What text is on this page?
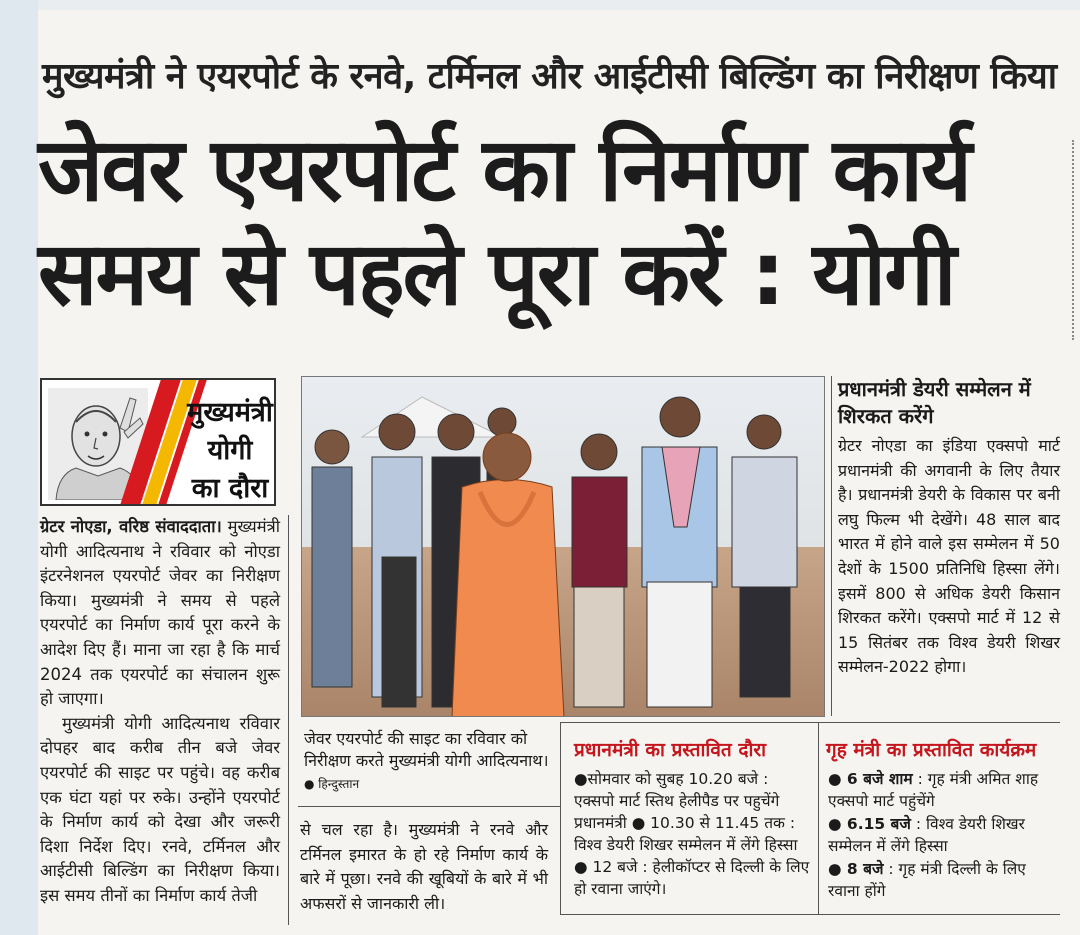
मुख्यमंत्री ने एयरपोर्ट के रनवे, टर्मिनल और आईटीसी बिल्डिंग का निरीक्षण किया
जेवर एयरपोर्ट का निर्माण कार्य
समय से पहले पूरा करें : योगी
मुख्यमंत्री
योगी
का दौरा

ग्रेटर नोएडा, वरिष्ठ संवाददाता। मुख्यमंत्री योगी आदित्यनाथ ने रविवार को नोएडा इंटरनेशनल एयरपोर्ट जेवर का निरीक्षण किया। मुख्यमंत्री ने समय से पहले एयरपोर्ट का निर्माण कार्य पूरा करने के आदेश दिए हैं। माना जा रहा है कि मार्च 2024 तक एयरपोर्ट का संचालन शुरू हो जाएगा।

मुख्यमंत्री योगी आदित्यनाथ रविवार दोपहर बाद करीब तीन बजे जेवर एयरपोर्ट की साइट पर पहुंचे। वह करीब एक घंटा यहां पर रुके। उन्होंने एयरपोर्ट के निर्माण कार्य को देखा और जरूरी दिशा निर्देश दिए। रनवे, टर्मिनल और आईटीसी बिल्डिंग का निरीक्षण किया। इस समय तीनों का निर्माण कार्य तेजी

जेवर एयरपोर्ट की साइट का रविवार को निरीक्षण करते मुख्यमंत्री योगी आदित्यनाथ। ● हिन्दुस्तान

से चल रहा है। मुख्यमंत्री ने रनवे और टर्मिनल इमारत के हो रहे निर्माण कार्य के बारे में पूछा। रनवे की खूबियों के बारे में भी अफसरों से जानकारी ली।

प्रधानमंत्री डेयरी सम्मेलन में शिरकत करेंगे
ग्रेटर नोएडा का इंडिया एक्सपो मार्ट प्रधानमंत्री की अगवानी के लिए तैयार है। प्रधानमंत्री डेयरी के विकास पर बनी लघु फिल्म भी देखेंगे। 48 साल बाद भारत में होने वाले इस सम्मेलन में 50 देशों के 1500 प्रतिनिधि हिस्सा लेंगे। इसमें 800 से अधिक डेयरी किसान शिरकत करेंगे। एक्सपो मार्ट में 12 से 15 सितंबर तक विश्व डेयरी शिखर सम्मेलन-2022 होगा।
प्रधानमंत्री का प्रस्तावित दौरा
●सोमवार को सुबह 10.20 बजे : एक्सपो मार्ट स्तिथ हेलीपैड पर पहुचेंगे प्रधानमंत्री ● 10.30 से 11.45 तक : विश्व डेयरी शिखर सम्मेलन में लेंगे हिस्सा ● 12 बजे : हेलीकॉप्टर से दिल्ली के लिए हो रवाना जाएंगे।
गृह मंत्री का प्रस्तावित कार्यक्रम

● 6 बजे शाम : गृह मंत्री अमित शाह एक्सपो मार्ट पहुंचेंगे

● 6.15 बजे : विश्व डेयरी शिखर सम्मेलन में लेंगे हिस्सा

● 8 बजे : गृह मंत्री दिल्ली के लिए रवाना होंगे
